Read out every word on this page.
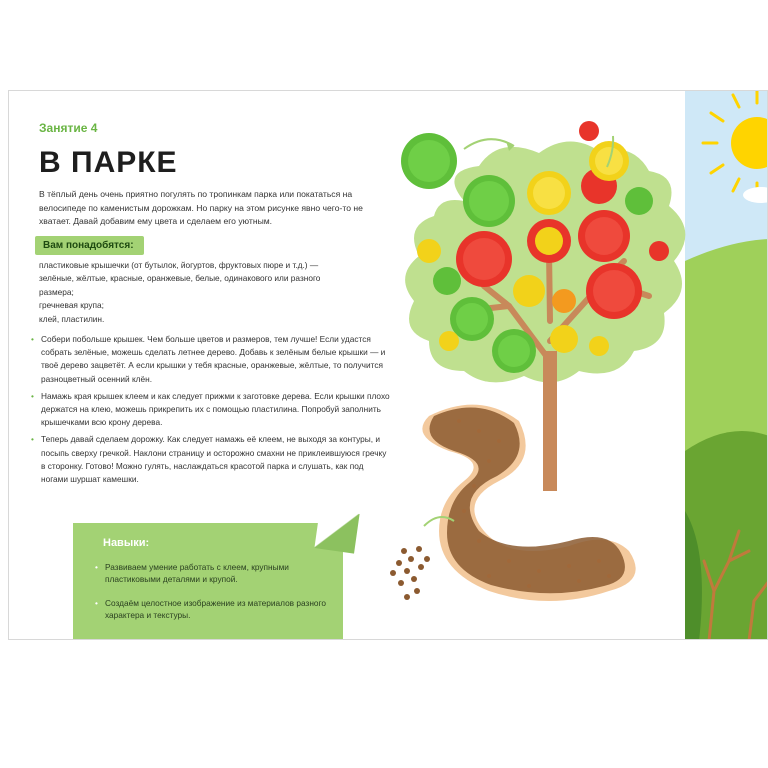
Занятие 4
В ПАРКЕ
В тёплый день очень приятно погулять по тропинкам парка или покататься на велосипеде по каменистым дорожкам. Но парку на этом рисунке явно чего-то не хватает. Давай добавим ему цвета и сделаем его уютным.
Вам понадобятся:
пластиковые крышечки (от бутылок, йогуртов, фруктовых пюре и т.д.) —
зелёные, жёлтые, красные, оранжевые, белые, одинакового или разного
размера;
гречневая крупа;
клей, пластилин.
• Собери побольше крышек. Чем больше цветов и размеров, тем лучше! Если удастся собрать зелёные, можешь сделать летнее дерево. Добавь к зелёным белые крышки — и твоё дерево зацветёт. А если крышки у тебя красные, оранжевые, жёлтые, то получится разноцветный осенний клён.
• Намажь края крышек клеем и как следует прижми к заготовке дерева. Если крышки плохо держатся на клею, можешь прикрепить их с помощью пластилина. Попробуй заполнить крышечками всю крону дерева.
• Теперь давай сделаем дорожку. Как следует намажь её клеем, не выходя за контуры, и посыпь сверху гречкой. Наклони страницу и осторожно смахни не приклеившуюся гречку в сторонку. Готово! Можно гулять, наслаждаться красотой парка и слушать, как под ногами шуршат камешки.
Навыки:
• Развиваем умение работать с клеем, крупными пластиковыми деталями и крупой.
• Создаём целостное изображение из материалов разного характера и текстуры.
